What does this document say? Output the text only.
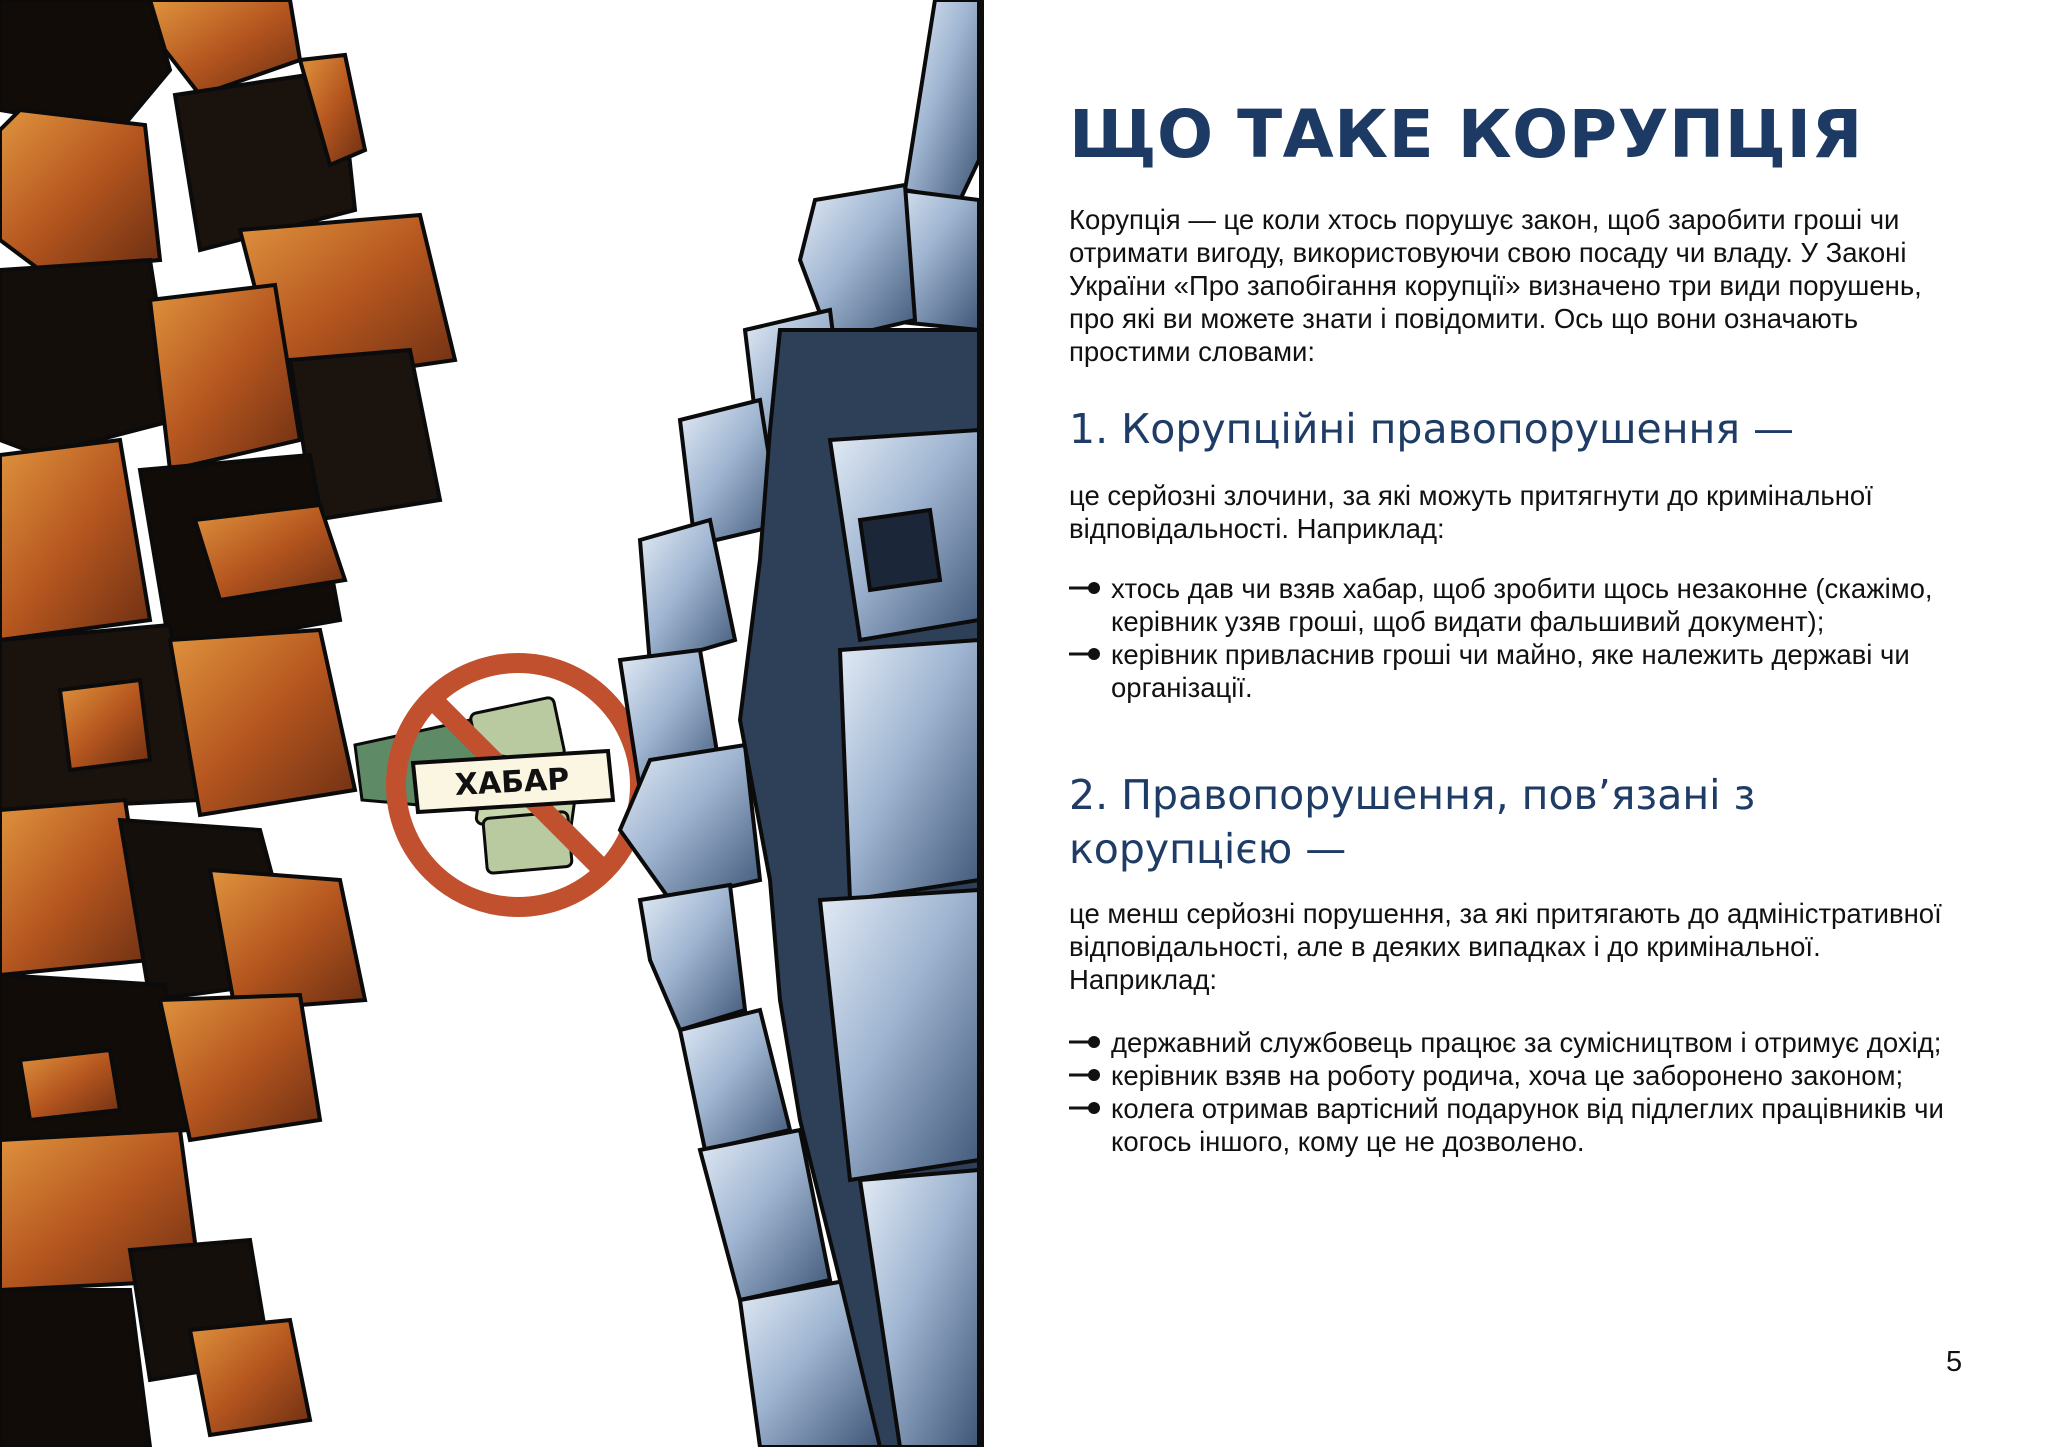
ХАБАР
ЩО ТАКЕ КОРУПЦІЯ

Корупція — це коли хтось порушує закон, щоб заробити гроші чи отримати вигоду, використовуючи свою посаду чи владу. У Законі України «Про запобігання корупції» визначено три види порушень, про які ви можете знати і повідомити. Ось що вони означають простими словами:

1. Корупційні правопорушення —

це серйозні злочини, за які можуть притягнути до кримінальної відповідальності. Наприклад:

хтось дав чи взяв хабар, щоб зробити щось незаконне (скажімо, керівник узяв гроші, щоб видати фальшивий документ);
керівник привласнив гроші чи майно, яке належить державі чи організації.
2. Правопорушення, пов’язані з корупцією —

це менш серйозні порушення, за які притягають до адміністративної відповідальності, але в деяких випадках і до кримінальної. Наприклад:

державний службовець працює за сумісництвом і отримує дохід;
керівник взяв на роботу родича, хоча це заборонено законом;
колега отримав вартісний подарунок від підлеглих працівників чи когось іншого, кому це не дозволено.
5
